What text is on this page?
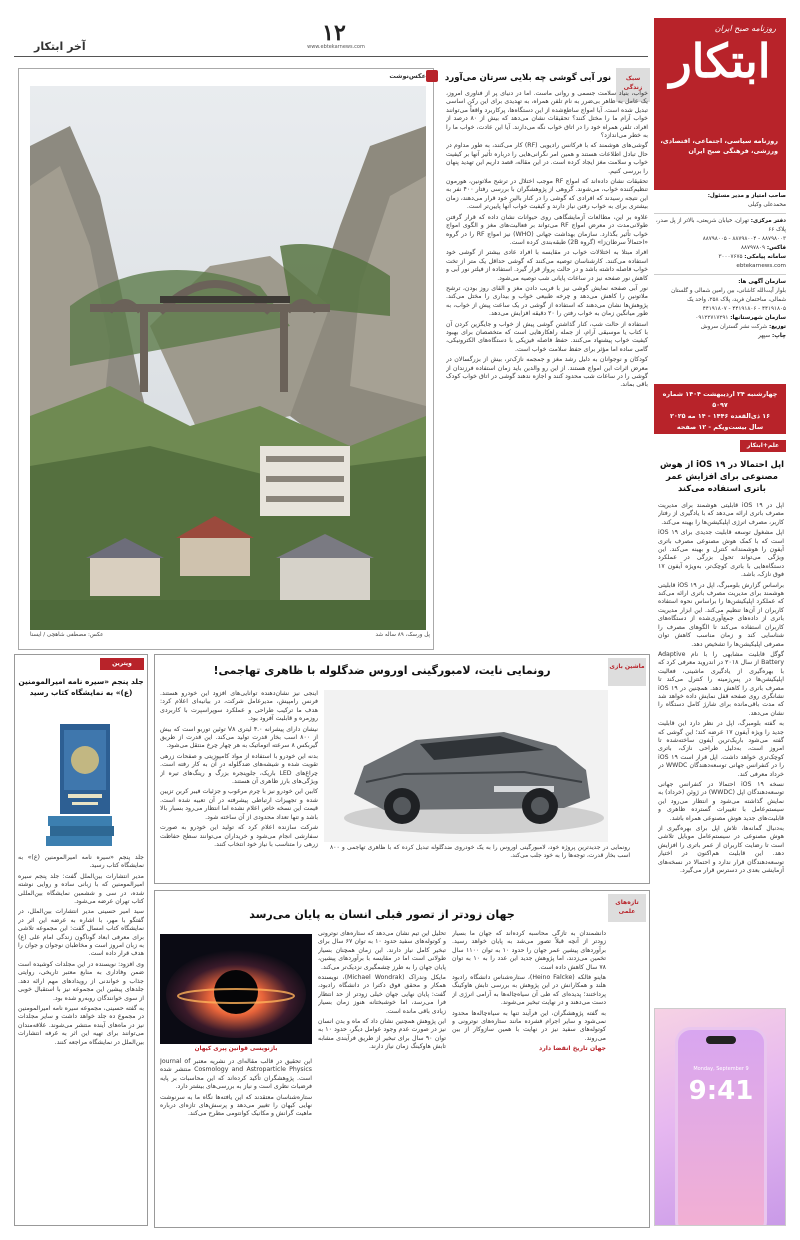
آخر ابتکار
۱۲
www.ebtekarnews.com
روزنامه صبح ایران
ابتکار
روزنامه سیاسی، اجتماعی، اقتصادی، ورزشی، فرهنگی صبح ایران
صاحب امتیاز و مدیر مسئول:
محمدعلی وکیلی
دفتر مرکزی: تهران، خیابان شریعتی، بالاتر از پل صدر، پلاک ۶۶
۸۸۷۹۸۰۰۳ - ۸۸۷۹۸۰۰۴ - ۸۸۷۹۸۰۰۵
فاکس: ۸۸۷۹۷۸۰۹
سامانه پیامکی: ۳۰۰۰۷۶۷۵
ebtekarnews.com
سازمان آگهی ها:
بلوار آیت‌الله کاشانی، بین رامین شمالی و گلستان شمالی، ساختمان فرید، پلاک ۲۵۸، واحد یک
۴۴۱۹۱۸۰۵ - ۴۴۱۹۱۸۰۶ - ۴۴۱۹۱۸۰۷
سازمان شهرستانها: ۰۹۱۲۲۷۱۷۲۹۱
توزیع: شرکت نشر گستران سروش
چاپ: سپهر
چهارشنبه ۲۴ اردیبهشت ۱۴۰۴ شماره ۵۰۹۷
۱۶ ذی‌القعده ۱۴۴۶ - ۱۴ مه ۲۰۲۵
سال بیست‌ویکم - ۱۲ صفحه
علم+ابتکار
اپل احتمالا در iOS ۱۹ از هوش مصنوعی برای افزایش عمر باتری استفاده می‌کند

اپل در iOS ۱۹ قابلیتی هوشمند برای مدیریت مصرف باتری ارائه می‌دهد که با یادگیری از رفتار کاربر، مصرف انرژی اپلیکیشن‌ها را بهینه می‌کند.

اپل مشغول توسعه قابلیت جدیدی برای iOS ۱۹ است که با کمک هوش مصنوعی مصرف باتری آیفون را هوشمندانه کنترل و بهینه می‌کند. این ویژگی می‌تواند تحول بزرگی در عملکرد دستگاه‌هایی با باتری کوچک‌تر، به‌ویژه آیفون ۱۷ فوق نازک، باشد.

براساس گزارش بلومبرگ، اپل در iOS ۱۹ قابلیتی هوشمند برای مدیریت مصرف باتری ارائه می‌کند که عملکرد اپلیکیشن‌ها را براساس نحوه استفاده کاربران از آن‌ها تنظیم می‌کند. این ابزار مدیریت باتری از داده‌های جمع‌آوری‌شده از دستگاه‌های کاربران استفاده می‌کند تا الگوهای مصرف را شناسایی کند و زمان مناسب کاهش توان مصرفی اپلیکیشن‌ها را تشخیص دهد.

گوگل قابلیت مشابهی را با نام Adaptive Battery از سال ۲۰۱۸ در اندروید معرفی کرد که با بهره‌گیری از یادگیری ماشینی، فعالیت اپلیکیشن‌ها در پس‌زمینه را کنترل می‌کند تا مصرف باتری را کاهش دهد. همچنین در iOS ۱۹ نشانگری روی صفحه قفل نمایش داده خواهد شد که مدت باقی‌مانده برای شارژ کامل دستگاه را نشان می‌دهد.

به گفته بلومبرگ، اپل در نظر دارد این قابلیت جدید را ویژه آیفون ۱۷ عرضه کند؛ این گوشی که گفته می‌شود باریک‌ترین آیفون ساخته‌شده تا امروز است، به‌دلیل طراحی نازک، باتری کوچک‌تری خواهد داشت. اپل قرار است iOS ۱۹ را در کنفرانس جهانی توسعه‌دهندگان WWDC در خرداد معرفی کند.

نسخه iOS ۱۹ احتمالا در کنفرانس جهانی توسعه‌دهندگان اپل (WWDC) در ژوئن (خرداد) به نمایش گذاشته می‌شود و انتظار می‌رود این سیستم‌عامل با تغییرات گسترده ظاهری و قابلیت‌های جدید هوش مصنوعی همراه باشد.

به‌دنبال گمانه‌ها، تلاش اپل برای بهره‌گیری از هوش مصنوعی در سیستم‌عامل موبایل تلاشی است تا رضایت کاربران از عمر باتری را افزایش دهد. این قابلیت هم‌اکنون در اختیار توسعه‌دهندگان قرار ندارد و احتمالا در نسخه‌های آزمایشی بعدی در دسترس قرار می‌گیرد.

Monday, September 9
9:41
عکس‌نوشت
پل ورسک، ۸۹ ساله شد
عکس: مصطفی شاهچی / ایسنا
سبک زندگی
نور آبی گوشی چه بلایی سرتان می‌آورد

خواب، بنیاد سلامت جسمی و روانی ماست. اما در دنیای پر از فناوری امروز، یک عامل به ظاهر بی‌ضرر به نام تلفن همراه، به تهدیدی برای این رکن اساسی تبدیل شده است. آیا امواج ساطع‌شده از این دستگاه‌ها، پرکاربرد واقعاً می‌توانند خواب آرام ما را مختل کنند؟ تحقیقات نشان می‌دهد که بیش از ۸۰ درصد از افراد، تلفن همراه خود را در اتاق خواب نگه می‌دارند. آیا این عادت، خواب ما را به خطر می‌اندازد؟

گوشی‌های هوشمند که با فرکانس رادیویی (RF) کار می‌کنند، به طور مداوم در حال تبادل اطلاعات هستند و همین امر نگرانی‌هایی را درباره تأثیر آنها بر کیفیت خواب و سلامت مغز ایجاد کرده است. در این مقاله، قصد داریم این تهدید پنهان را بررسی کنیم.

تحقیقات نشان داده‌اند که امواج RF موجب اختلال در ترشح ملاتونین، هورمون تنظیم‌کننده خواب، می‌شوند. گروهی از پژوهشگران با بررسی رفتار ۴۰۰ نفر به این نتیجه رسیدند که افرادی که گوشی را در کنار بالین خود قرار می‌دهند، زمان بیشتری برای به خواب رفتن نیاز دارند و کیفیت خواب آنها پایین‌تر است.

علاوه بر این، مطالعات آزمایشگاهی روی حیوانات نشان داده که قرار گرفتن طولانی‌مدت در معرض امواج RF می‌تواند بر فعالیت‌های مغز و الگوی امواج خواب تأثیر بگذارد. سازمان بهداشت جهانی (WHO) نیز امواج RF را در گروه «احتمالاً سرطان‌زا» (گروه 2B) طبقه‌بندی کرده است.

افراد مبتلا به اختلالات خواب در مقایسه با افراد عادی بیشتر از گوشی خود استفاده می‌کنند. کارشناسان توصیه می‌کنند که گوشی حداقل یک متر از تخت خواب فاصله داشته باشد و در حالت پرواز قرار گیرد. استفاده از فیلتر نور آبی و کاهش نور صفحه نیز در ساعات پایانی شب توصیه می‌شود.

نور آبی صفحه نمایش گوشی نیز با فریب دادن مغز و القای روز بودن، ترشح ملاتونین را کاهش می‌دهد و چرخه طبیعی خواب و بیداری را مختل می‌کند. پژوهش‌ها نشان می‌دهند که استفاده از گوشی در یک ساعت پیش از خواب، به طور میانگین زمان به خواب رفتن را ۲۰ دقیقه افزایش می‌دهد.

استفاده از حالت شب، کنار گذاشتن گوشی پیش از خواب و جایگزین کردن آن با کتاب یا موسیقی آرام، از جمله راهکارهایی است که متخصصان برای بهبود کیفیت خواب پیشنهاد می‌کنند. حفظ فاصله فیزیکی با دستگاه‌های الکترونیکی، گامی ساده اما مؤثر برای حفظ سلامت خواب است.

کودکان و نوجوانان به دلیل رشد مغز و جمجمه نازک‌تر، بیش از بزرگسالان در معرض اثرات این امواج هستند. از این رو والدین باید زمان استفاده فرزندان از گوشی را در ساعات شب محدود کنند و اجازه ندهند گوشی در اتاق خواب کودک باقی بماند.

ماشین بازی
رونمایی نایت، لامبورگینی اوروس ضدگلوله با ظاهری تهاجمی!
رونمایی در جدیدترین پروژه خود، لامبورگینی اوروس را به یک خودروی ضدگلوله تبدیل کرده که با ظاهری تهاجمی و ۸۰۰ اسب بخار قدرت، توجه‌ها را به خود جلب می‌کند.

اینجی نیز نشان‌دهنده توانایی‌های افزود این خودرو هستند. فرنس رامپیش، مدیرعامل شرکت، در بیانیه‌ای اعلام کرد: هدف ما ترکیب طراحی و عملکرد سوپراسپرت با کاربردی روزمره و قابلیت آفرود بود.

نیشان دارای پیشرانه ۴.۰ لیتری V۸ توئین توربو است که بیش از ۸۰۰ اسب بخار قدرت تولید می‌کند. این قدرت از طریق گیربکس ۸ سرعته اتوماتیک به هر چهار چرخ منتقل می‌شود.

بدنه این خودرو با استفاده از مواد کامپوزیتی و صفحات زرهی تقویت شده و شیشه‌های ضدگلوله در آن به کار رفته است. چراغ‌های LED باریک، جلوپنجره بزرگ و رینگ‌های تیره از ویژگی‌های بارز ظاهری آن هستند.

کابین این خودرو نیز با چرم مرغوب و جزئیات فیبر کربن تزیین شده و تجهیزات ارتباطی پیشرفته در آن تعبیه شده است. قیمت این نسخه خاص اعلام نشده اما انتظار می‌رود بسیار بالا باشد و تنها تعداد محدودی از آن ساخته شود.

شرکت سازنده اعلام کرد که تولید این خودرو به صورت سفارشی انجام می‌شود و خریداران می‌توانند سطح حفاظت زرهی را متناسب با نیاز خود انتخاب کنند.

تازه‌های علمی
جهان زودتر از تصور قبلی انسان به پایان می‌رسد

دانشمندان به تازگی محاسبه کرده‌اند که جهان ما بسیار زودتر از آنچه قبلاً تصور می‌شد به پایان خواهد رسید. برآوردهای پیشین عمر جهان را حدود ۱۰ به توان ۱۱۰۰ سال تخمین می‌زدند، اما پژوهش جدید این عدد را به ۱۰ به توان ۷۸ سال کاهش داده است.

هاینو فالکه (Heino Falcke)، ستاره‌شناس دانشگاه رادبود هلند و همکارانش در این پژوهش به بررسی تابش هاوکینگ پرداختند؛ پدیده‌ای که طی آن سیاه‌چاله‌ها به آرامی انرژی از دست می‌دهند و در نهایت تبخیر می‌شوند.

به گفته پژوهشگران، این فرآیند تنها به سیاه‌چاله‌ها محدود نمی‌شود و سایر اجرام فشرده مانند ستاره‌های نوترونی و کوتوله‌های سفید نیز در نهایت با همین سازوکار از بین می‌روند.

جهان تاریخ انقضا دارد

تحلیل این تیم نشان می‌دهد که ستاره‌های نوترونی و کوتوله‌های سفید حدود ۱۰ به توان ۶۷ سال برای تبخیر کامل نیاز دارند. این زمان همچنان بسیار طولانی است اما در مقایسه با برآوردهای پیشین، پایان جهان را به طرز چشمگیری نزدیک‌تر می‌کند.

مایکل وندراک (Michael Wondrak)، نویسنده همکار و محقق فوق دکترا در دانشگاه رادبود، گفت: پایان نهایی جهان خیلی زودتر از حد انتظار فرا می‌رسد، اما خوشبختانه هنوز زمان بسیار زیادی باقی مانده است.

این پژوهش همچنین نشان داد که ماه و بدن انسان نیز در صورت عدم وجود عوامل دیگر، حدود ۱۰ به توان ۹۰ سال برای تبخیر از طریق فرآیندی مشابه تابش هاوکینگ زمان نیاز دارند.

بازنویسی قوانین پیری کیهان

این تحقیق در قالب مقاله‌ای در نشریه معتبر Journal of Cosmology and Astroparticle Physics منتشر شده است. پژوهشگران تأکید کرده‌اند که این محاسبات بر پایه فرضیات نظری است و نیاز به بررسی‌های بیشتر دارد.

ستاره‌شناسان معتقدند که این یافته‌ها نگاه ما به سرنوشت نهایی کیهان را تغییر می‌دهد و پرسش‌های تازه‌ای درباره ماهیت گرانش و مکانیک کوانتومی مطرح می‌کند.

ویترین
جلد پنجم «سیره نامه امیرالمومنین (ع)» به نمایشگاه کتاب رسید

جلد پنجم «سیره نامه امیرالمومنین (ع)» به نمایشگاه کتاب رسید.

مدیر انتشارات بین‌الملل گفت: جلد پنجم سیره امیرالمومنین که با زبانی ساده و روایی نوشته شده، در سی و ششمین نمایشگاه بین‌المللی کتاب تهران عرضه می‌شود.

سید امیر حسینی مدیر انتشارات بین‌الملل، در گفتگو با مهر، با اشاره به عرضه این اثر در نمایشگاه کتاب امسال گفت: این مجموعه تلاشی برای معرفی ابعاد گوناگون زندگی امام علی (ع) به زبان امروز است و مخاطبان نوجوان و جوان را هدف قرار داده است.

وی افزود: نویسنده در این مجلدات کوشیده است ضمن وفاداری به منابع معتبر تاریخی، روایتی جذاب و خواندنی از رویدادهای مهم ارائه دهد. جلدهای پیشین این مجموعه نیز با استقبال خوبی از سوی خوانندگان روبه‌رو شده بود.

به گفته حسینی، مجموعه سیره نامه امیرالمومنین در مجموع ده جلد خواهد داشت و سایر مجلدات نیز در ماه‌های آینده منتشر می‌شوند. علاقه‌مندان می‌توانند برای تهیه این اثر به غرفه انتشارات بین‌الملل در نمایشگاه مراجعه کنند.
